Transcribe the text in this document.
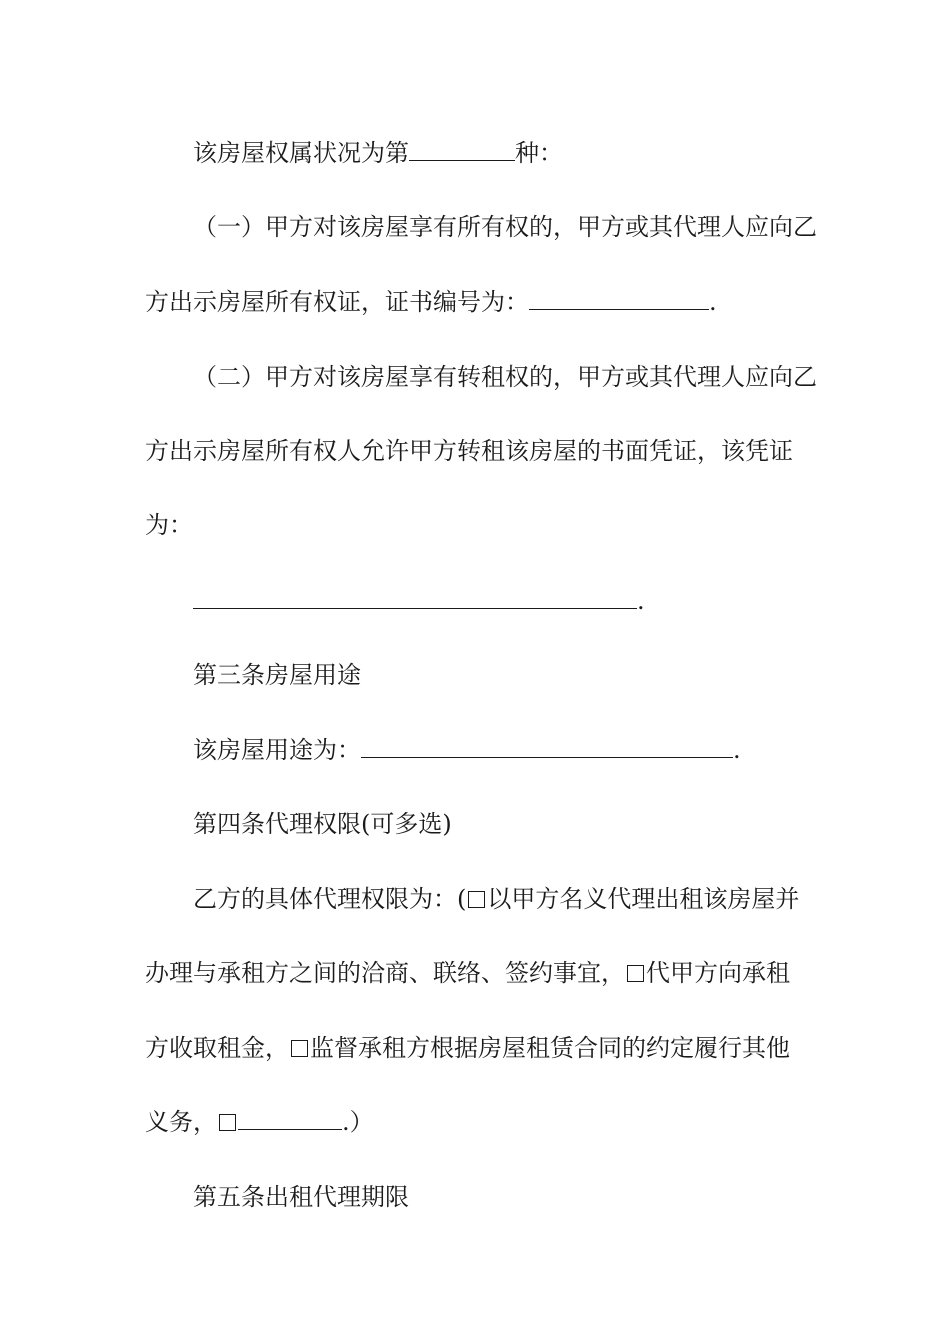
该房屋权属状况为第	种：
（一）甲方对该房屋享有所有权的，甲方或其代理人应向乙
方出示房屋所有权证，证书编号为：	.
（二）甲方对该房屋享有转租权的，甲方或其代理人应向乙
方出示房屋所有权人允许甲方转租该房屋的书面凭证，该凭证
为：
.
第三条房屋用途
该房屋用途为：	.
第四条代理权限(可多选)
乙方的具体代理权限为：( 以甲方名义代理出租该房屋并
办理与承租方之间的洽商、联络、签约事宜， 代甲方向承租
方收取租金， 监督承租方根据房屋租赁合同的约定履行其他
义务，	.）
第五条出租代理期限
